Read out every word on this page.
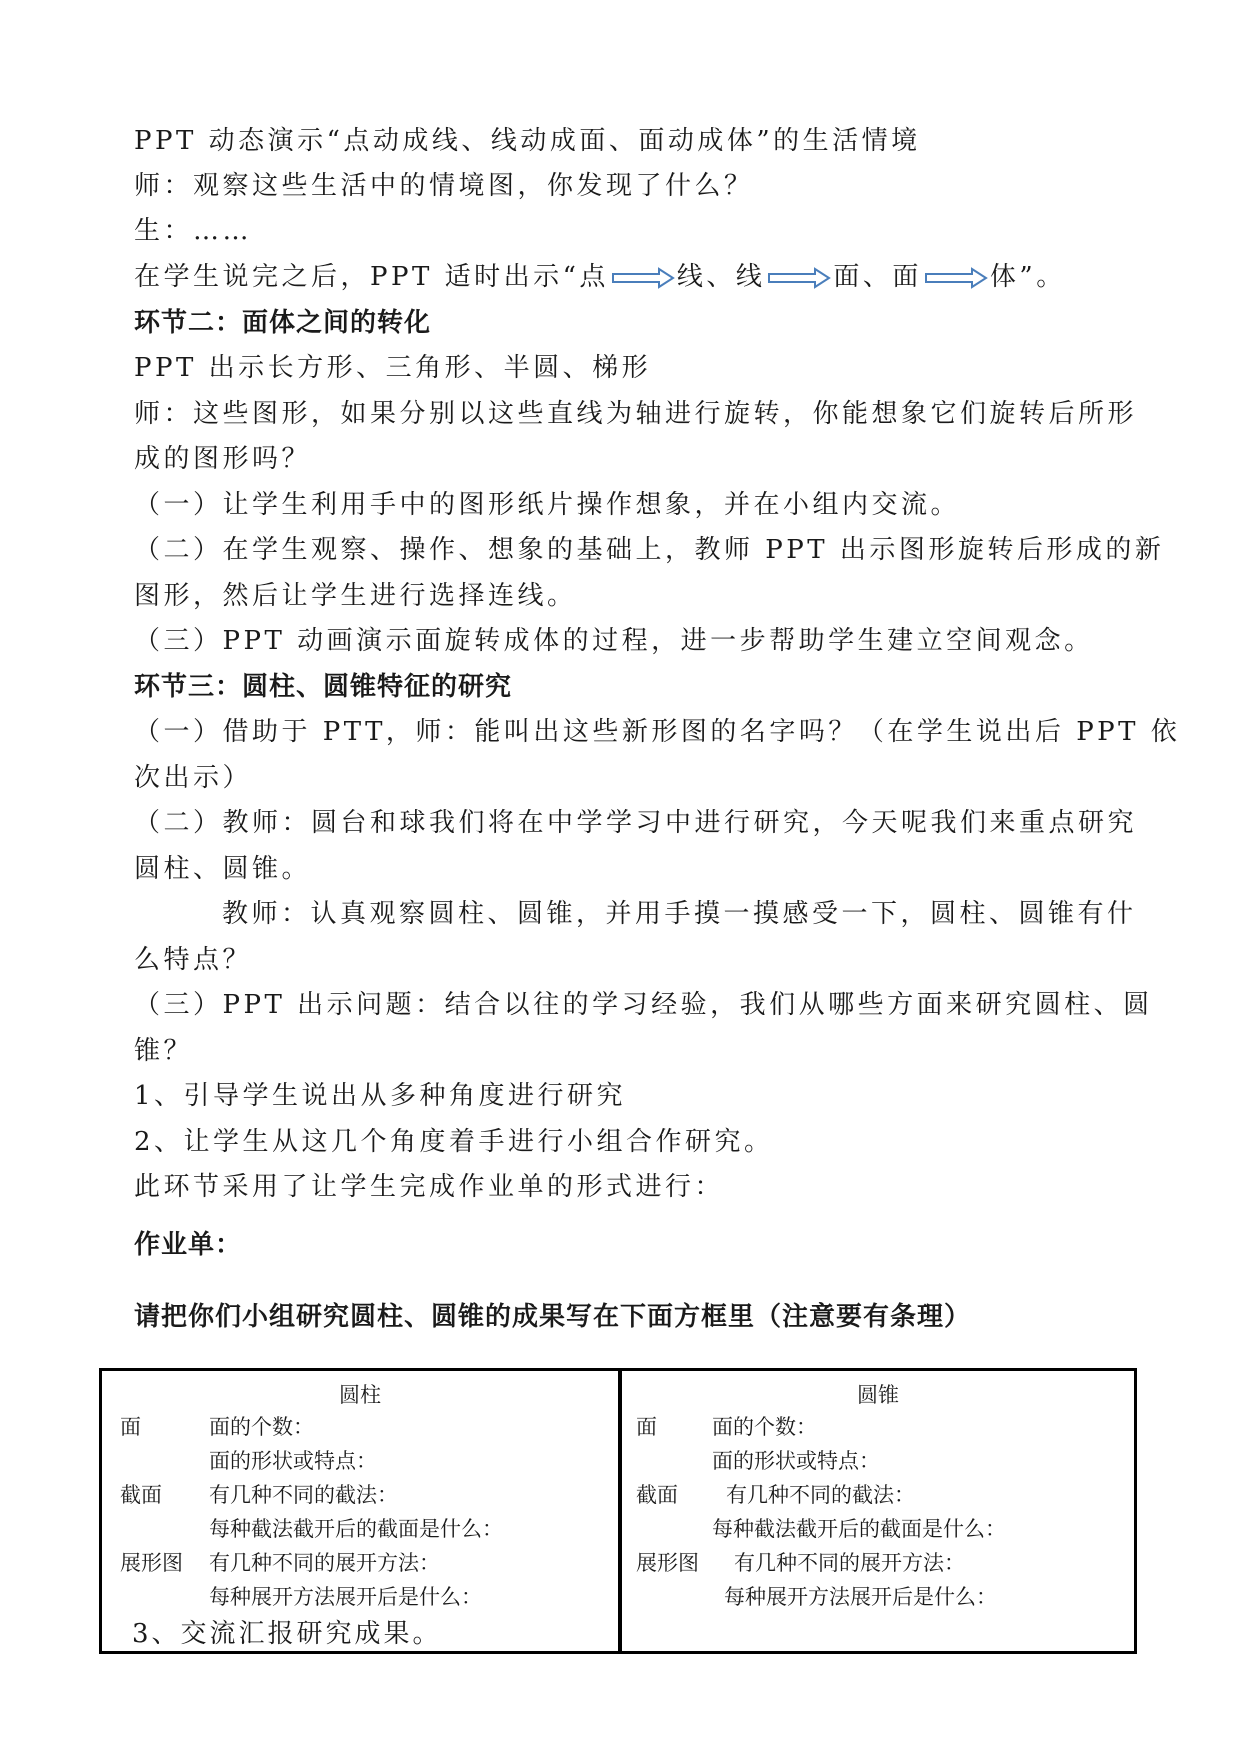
PPT 动态演示“点动成线、线动成面、面动成体”的生活情境
师：观察这些生活中的情境图，你发现了什么？
生：……
在学生说完之后，PPT 适时出示“点	线、线	面、面	体”。
环节二：面体之间的转化
PPT 出示长方形、三角形、半圆、梯形
师：这些图形，如果分别以这些直线为轴进行旋转，你能想象它们旋转后所形
成的图形吗？
（一）让学生利用手中的图形纸片操作想象，并在小组内交流。
（二）在学生观察、操作、想象的基础上，教师 PPT 出示图形旋转后形成的新
图形，然后让学生进行选择连线。
（三）PPT 动画演示面旋转成体的过程，进一步帮助学生建立空间观念。
环节三：圆柱、圆锥特征的研究
（一）借助于 PTT，师：能叫出这些新形图的名字吗？（在学生说出后 PPT 依
次出示）
（二）教师：圆台和球我们将在中学学习中进行研究，今天呢我们来重点研究
圆柱、圆锥。
教师：认真观察圆柱、圆锥，并用手摸一摸感受一下，圆柱、圆锥有什
么特点？
（三）PPT 出示问题：结合以往的学习经验，我们从哪些方面来研究圆柱、圆
锥？
1、引导学生说出从多种角度进行研究
2、让学生从这几个角度着手进行小组合作研究。
此环节采用了让学生完成作业单的形式进行：
作业单：
请把你们小组研究圆柱、圆锥的成果写在下面方框里（注意要有条理）
圆柱
面	面的个数：
面的形状或特点：
截面 有几种不同的截法：
每种截法截开后的截面是什么：
展形图 有几种不同的展开方法：
每种展开方法展开后是什么：
3、交流汇报研究成果。
圆锥
面	面的个数：
面的形状或特点：
截面 有几种不同的截法：
每种截法截开后的截面是什么：
展形图 有几种不同的展开方法：
每种展开方法展开后是什么：
